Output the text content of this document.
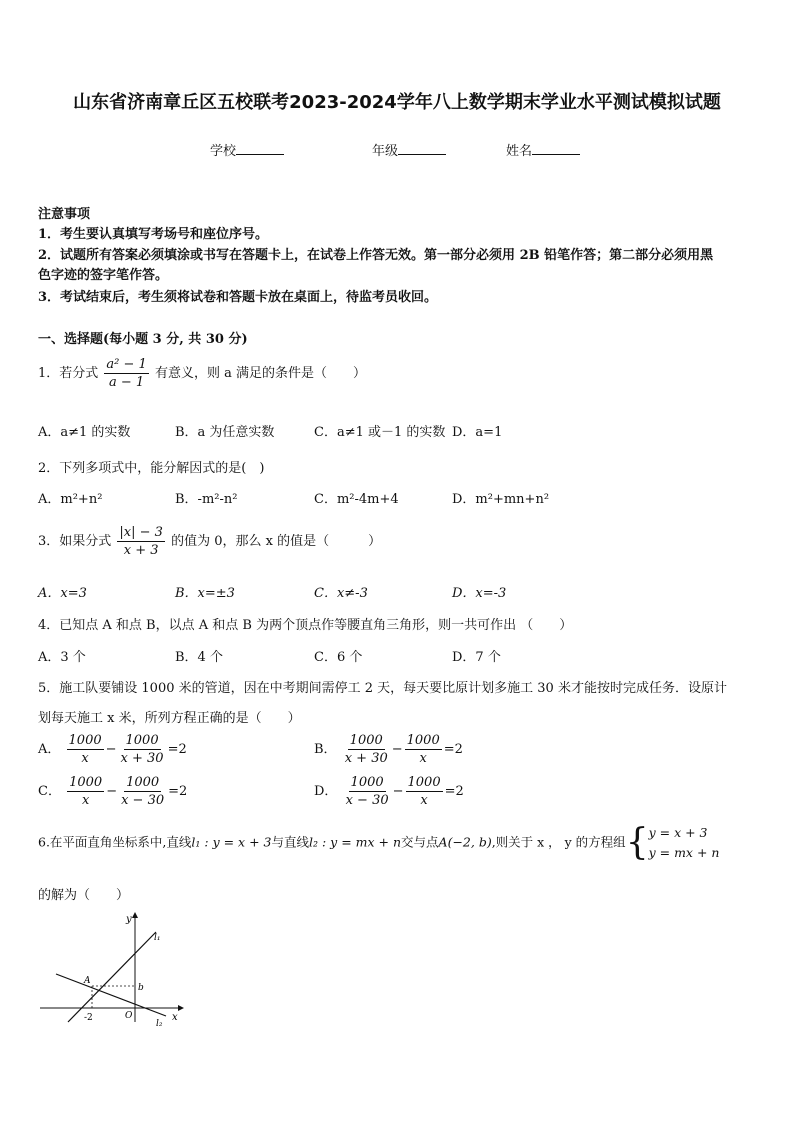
山东省济南章丘区五校联考2023-2024学年八上数学期末学业水平测试模拟试题
学校	年级	姓名
注意事项
1．考生要认真填写考场号和座位序号。
2．试题所有答案必须填涂或书写在答题卡上，在试卷上作答无效。第一部分必须用 2B 铅笔作答；第二部分必须用黑
色字迹的签字笔作答。
3．考试结束后，考生须将试卷和答题卡放在桌面上，待监考员收回。
一、选择题(每小题 3 分, 共 30 分)
1．若分式 $\frac{\text{a² − 1}}{a - 1}$ 有意义，则 a 满足的条件是（　　）
A．a≠1 的实数	B．a 为任意实数	C．a≠1 或－1 的实数 D．a=1
2．下列多项式中，能分解因式的是(　)
A．m²+n²	B．-m²-n²	C．m²-4m+4	D．m²+mn+n²
3．如果分式 $\frac{|x| - 3}{x + 3}$ 的值为 0，那么 x 的值是（　　　）
A．x=3	B．x=±3	C．x≠-3	D．x=-3
4．已知点 A 和点 B，以点 A 和点 B 为两个顶点作等腰直角三角形，则一共可作出 （　　）
A．3 个	B．4 个	C．6 个	D．7 个
5．施工队要铺设 1000 米的管道，因在中考期间需停工 2 天，每天要比原计划多施工 30 米才能按时完成任务．设原计
划每天施工 x 米，所列方程正确的是（　　）
A． $\frac{1000}{x} - \frac{1000}{x + 30} =2$	B． $\frac{1000}{x + 30} - \frac{1000}{x} =2$
C． $\frac{1000}{x} - \frac{1000}{x - 30} =2$	D． $\frac{1000}{x - 30} - \frac{1000}{x} =2$
6.在平面直角坐标系中,直线l₁ : y = x + 3与直线l₂ : y = mx + n交与点A(−2, b),则关于 x ， y 的方程组{ y = x + 3
y = mx + n
的解为（　　）
y
x
l₁
l₂
A
b
-2	O
